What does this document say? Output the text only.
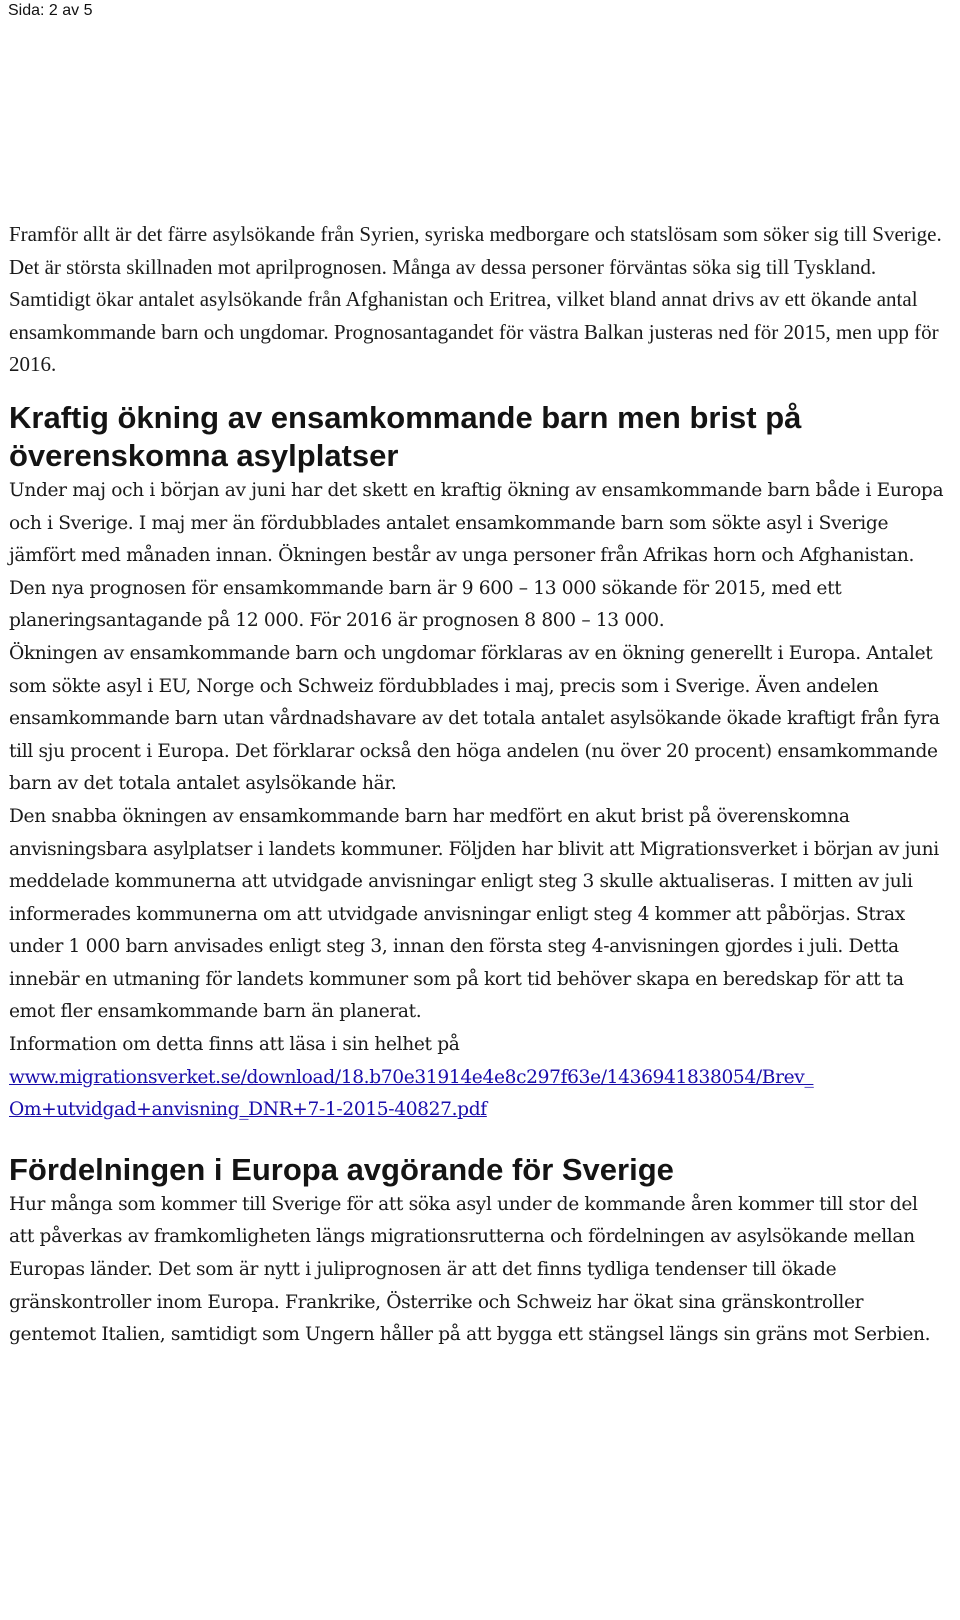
Sida: 2 av 5

Framför allt är det färre asylsökande från Syrien, syriska medborgare och statslösam som söker sig till Sverige. Det är största skillnaden mot aprilprognosen. Många av dessa personer förväntas söka sig till Tyskland. Samtidigt ökar antalet asylsökande från Afghanistan och Eritrea, vilket bland annat drivs av ett ökande antal ensamkommande barn och ungdomar. Prognosantagandet för västra Balkan justeras ned för 2015, men upp för 2016.

Kraftig ökning av ensamkommande barn men brist på överenskomna asylplatser

Under maj och i början av juni har det skett en kraftig ökning av ensamkommande barn både i Europa och i Sverige. I maj mer än fördubblades antalet ensamkommande barn som sökte asyl i Sverige jämfört med månaden innan. Ökningen består av unga personer från Afrikas horn och Afghanistan. Den nya prognosen för ensamkommande barn är 9 600 – 13 000 sökande för 2015, med ett planeringsantagande på 12 000. För 2016 är prognosen 8 800 – 13 000.

Ökningen av ensamkommande barn och ungdomar förklaras av en ökning generellt i Europa. Antalet som sökte asyl i EU, Norge och Schweiz fördubblades i maj, precis som i Sverige. Även andelen ensamkommande barn utan vårdnadshavare av det totala antalet asylsökande ökade kraftigt från fyra till sju procent i Europa. Det förklarar också den höga andelen (nu över 20 procent) ensamkommande barn av det totala antalet asylsökande här.

Den snabba ökningen av ensamkommande barn har medfört en akut brist på överenskomna anvisningsbara asylplatser i landets kommuner. Följden har blivit att Migrationsverket i början av juni meddelade kommunerna att utvidgade anvisningar enligt steg 3 skulle aktualiseras. I mitten av juli informerades kommunerna om att utvidgade anvisningar enligt steg 4 kommer att påbörjas. Strax under 1 000 barn anvisades enligt steg 3, innan den första steg 4-anvisningen gjordes i juli. Detta innebär en utmaning för landets kommuner som på kort tid behöver skapa en beredskap för att ta emot fler ensamkommande barn än planerat.

Information om detta finns att läsa i sin helhet på
www.migrationsverket.se/download/18.b70e31914e4e8c297f63e/1436941838054/Brev_
Om+utvidgad+anvisning_DNR+7-1-2015-40827.pdf

Fördelningen i Europa avgörande för Sverige

Hur många som kommer till Sverige för att söka asyl under de kommande åren kommer till stor del att påverkas av framkomligheten längs migrationsrutterna och fördelningen av asylsökande mellan Europas länder. Det som är nytt i juliprognosen är att det finns tydliga tendenser till ökade gränskontroller inom Europa. Frankrike, Österrike och Schweiz har ökat sina gränskontroller gentemot Italien, samtidigt som Ungern håller på att bygga ett stängsel längs sin gräns mot Serbien.
